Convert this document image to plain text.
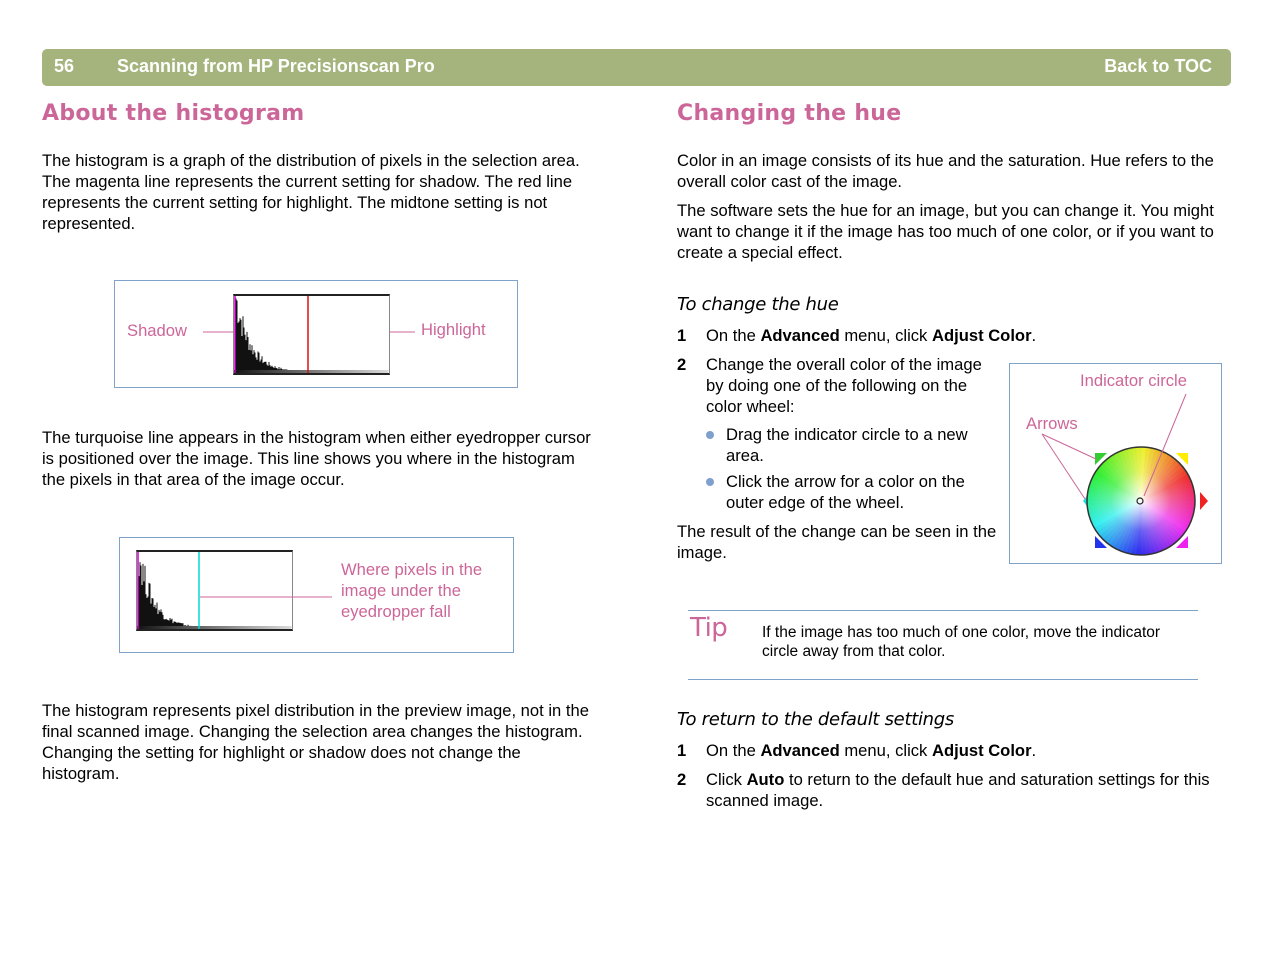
56 Scanning from HP Precisionscan Pro	Back to TOC
About the histogram

The histogram is a graph of the distribution of pixels in the selection area. The magenta line represents the current setting for shadow. The red line represents the current setting for highlight. The midtone setting is not represented.

Shadow	Highlight

The turquoise line appears in the histogram when either eyedropper cursor is positioned over the image. This line shows you where in the histogram the pixels in that area of the image occur.

Where pixels in the image under the eyedropper fall

The histogram represents pixel distribution in the preview image, not in the final scanned image. Changing the selection area changes the histogram. Changing the setting for highlight or shadow does not change the histogram.

Changing the hue

Color in an image consists of its hue and the saturation. Hue refers to the overall color cast of the image.

The software sets the hue for an image, but you can change it. You might want to change it if the image has too much of one color, or if you want to create a special effect.

To change the hue

1 On the Advanced menu, click Adjust Color.

2 Change the overall color of the image by doing one of the following on the color wheel:

Drag the indicator circle to a new area.

Click the arrow for a color on the outer edge of the wheel.

The result of the change can be seen in the image.

Indicator circle
Arrows
Tip If the image has too much of one color, move the indicator circle away from that color.

To return to the default settings

1 On the Advanced menu, click Adjust Color.

2 Click Auto to return to the default hue and saturation settings for this scanned image.
